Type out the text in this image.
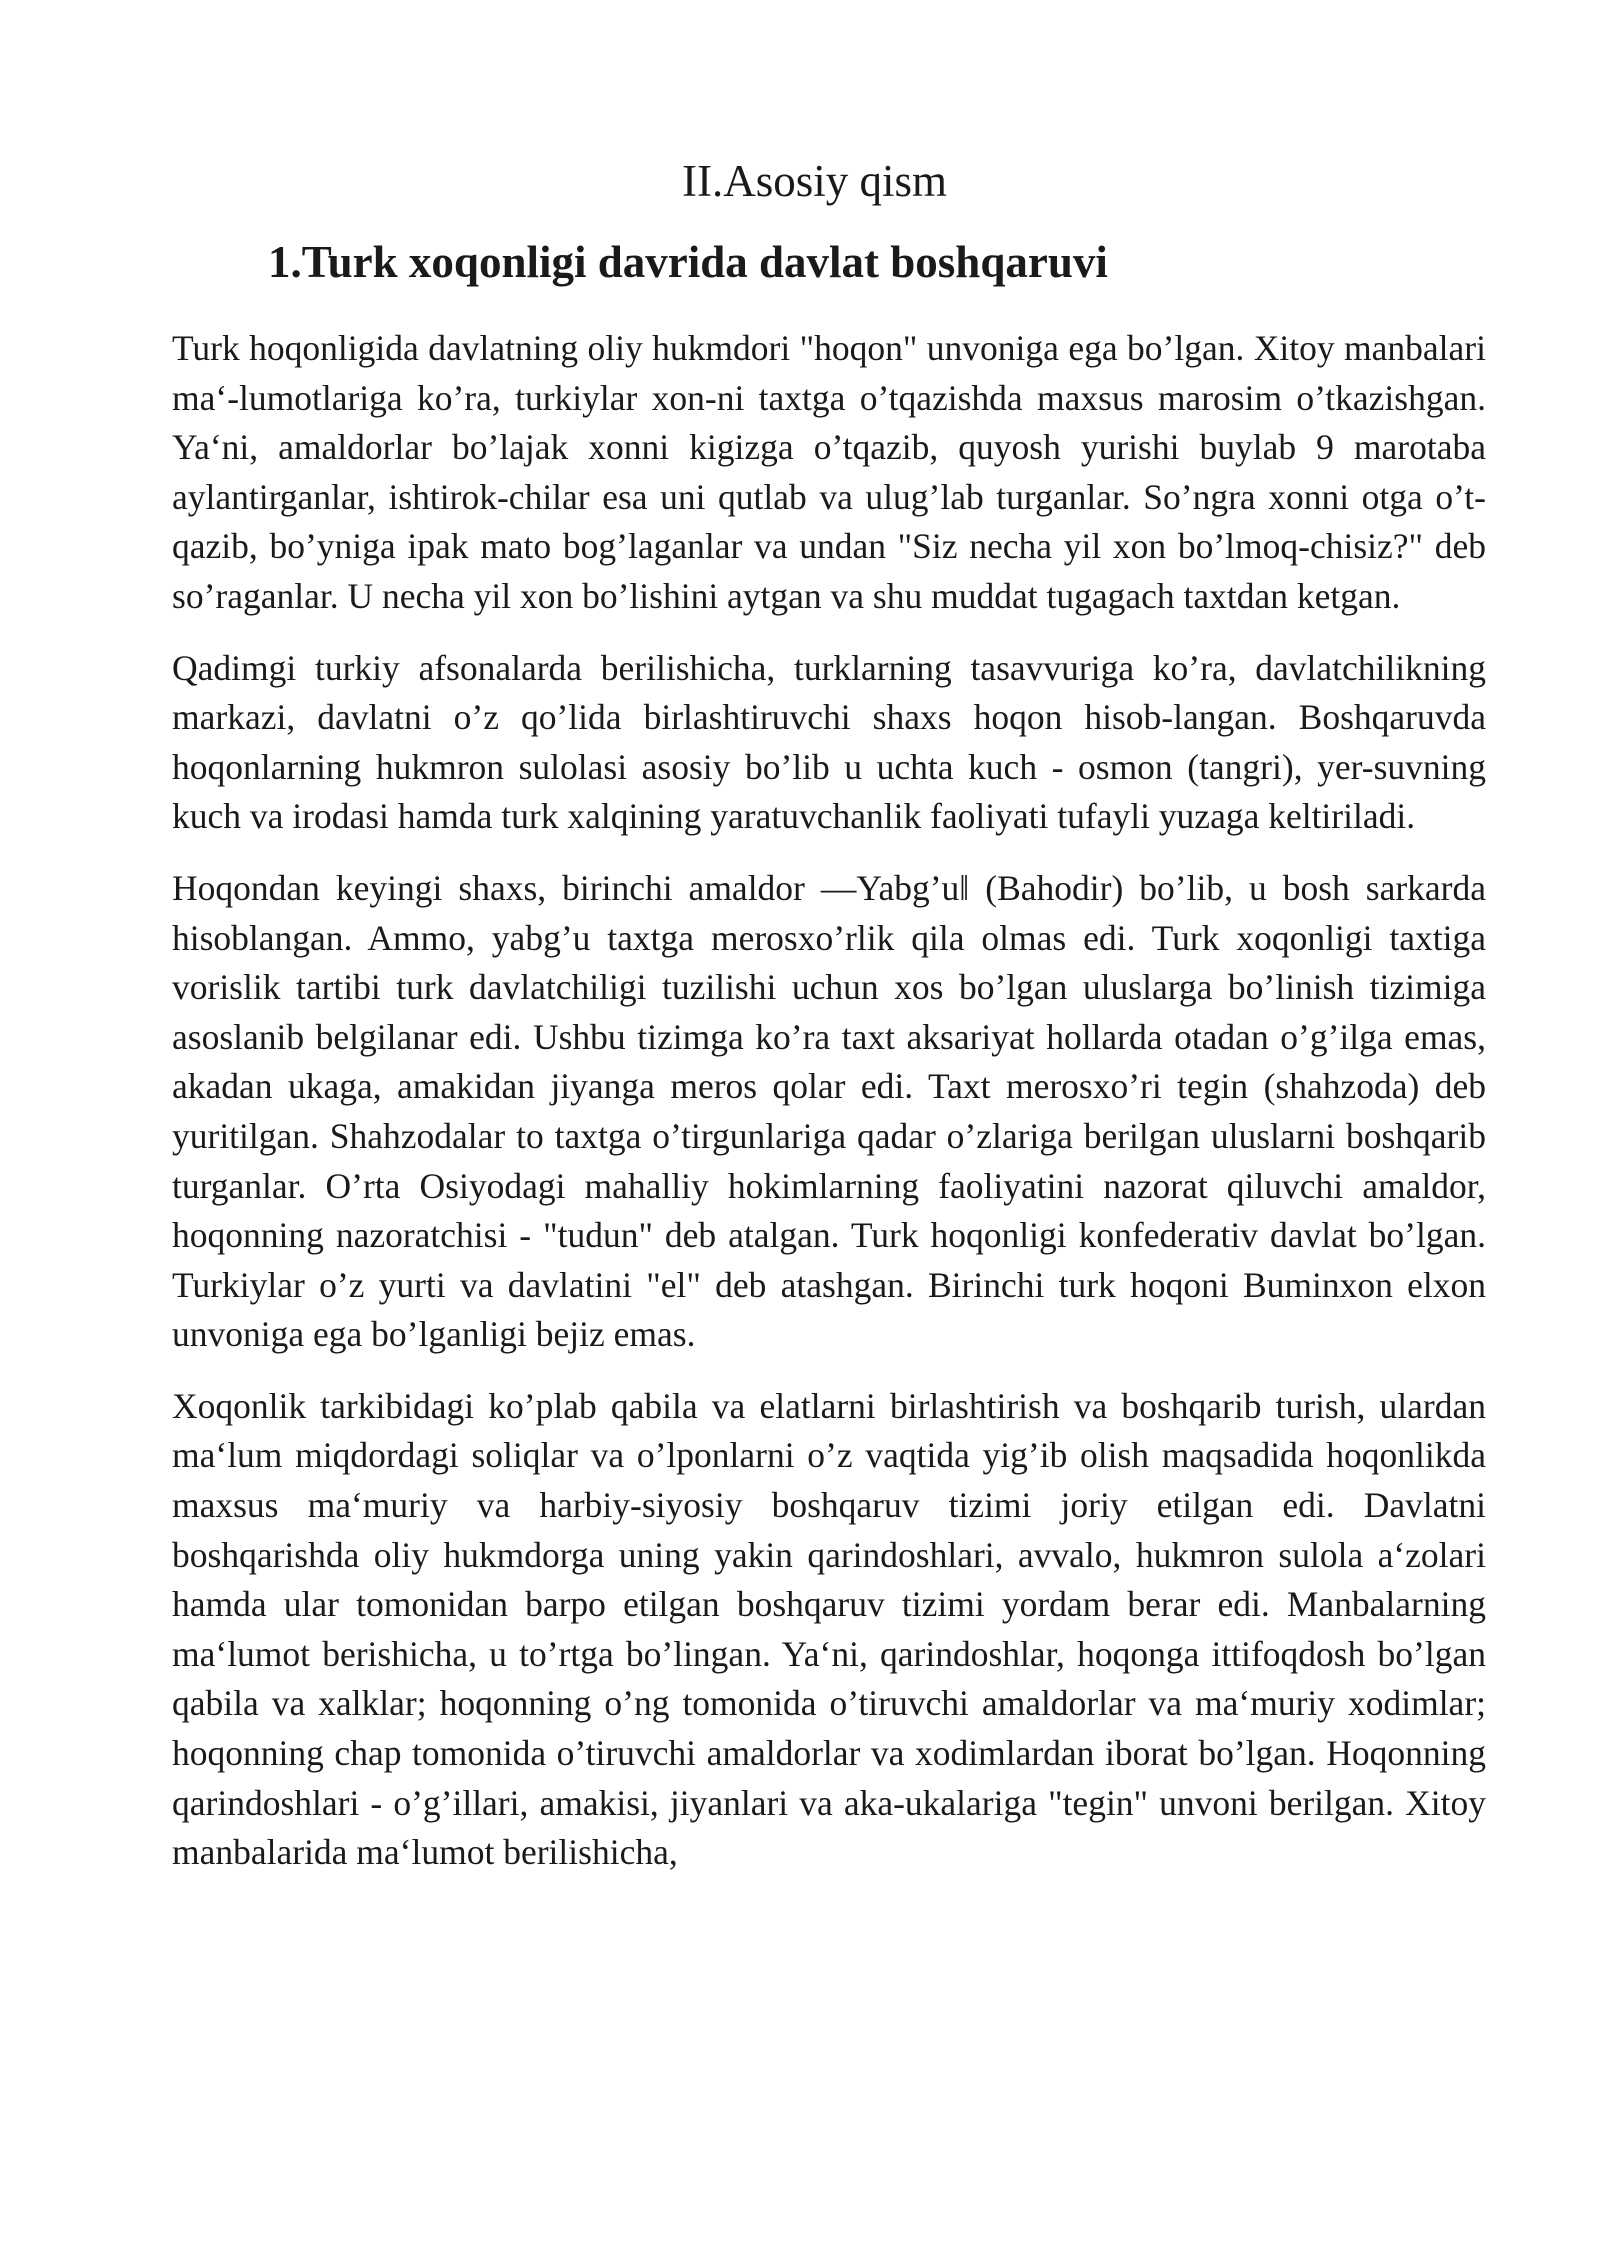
II.Asosiy qism
1.Turk xoqonligi davrida davlat boshqaruvi

Turk hoqonligida davlatning oliy hukmdori "hoqon" unvoniga ega bo’lgan. Xitoy manbalari ma‘-lumotlariga ko’ra, turkiylar xon-ni taxtga o’tqazishda maxsus marosim o’tkazishgan. Ya‘ni, amaldorlar bo’lajak xonni kigizga o’tqazib, quyosh yurishi buylab 9 marotaba aylantirganlar, ishtirok-chilar esa uni qutlab va ulug’lab turganlar. So’ngra xonni otga o’t-qazib, bo’yniga ipak mato bog’laganlar va undan "Siz necha yil xon bo’lmoq-chisiz?" deb so’raganlar. U necha yil xon bo’lishini aytgan va shu muddat tugagach taxtdan ketgan.

Qadimgi turkiy afsonalarda berilishicha, turklarning tasavvuriga ko’ra, davlatchilikning markazi, davlatni o’z qo’lida birlashtiruvchi shaxs hoqon hisob-langan. Boshqaruvda hoqonlarning hukmron sulolasi asosiy bo’lib u uchta kuch - osmon (tangri), yer-suvning kuch va irodasi hamda turk xalqining yaratuvchanlik faoliyati tufayli yuzaga keltiriladi.

Hoqondan keyingi shaxs, birinchi amaldor ―Yabg’u‖ (Bahodir) bo’lib, u bosh sarkarda hisoblangan. Ammo, yabg’u taxtga merosxo’rlik qila olmas edi. Turk xoqonligi taxtiga vorislik tartibi turk davlatchiligi tuzilishi uchun xos bo’lgan uluslarga bo’linish tizimiga asoslanib belgilanar edi. Ushbu tizimga ko’ra taxt aksariyat hollarda otadan o’g’ilga emas, akadan ukaga, amakidan jiyanga meros qolar edi. Taxt merosxo’ri tegin (shahzoda) deb yuritilgan. Shahzodalar to taxtga o’tirgunlariga qadar o’zlariga berilgan uluslarni boshqarib turganlar. O’rta Osiyodagi mahalliy hokimlarning faoliyatini nazorat qiluvchi amaldor, hoqonning nazoratchisi - "tudun" deb atalgan. Turk hoqonligi konfederativ davlat bo’lgan. Turkiylar o’z yurti va davlatini "el" deb atashgan. Birinchi turk hoqoni Buminxon elxon unvoniga ega bo’lganligi bejiz emas.

Xoqonlik tarkibidagi ko’plab qabila va elatlarni birlashtirish va boshqarib turish, ulardan ma‘lum miqdordagi soliqlar va o’lponlarni o’z vaqtida yig’ib olish maqsadida hoqonlikda maxsus ma‘muriy va harbiy-siyosiy boshqaruv tizimi joriy etilgan edi. Davlatni boshqarishda oliy hukmdorga uning yakin qarindoshlari, avvalo, hukmron sulola a‘zolari hamda ular tomonidan barpo etilgan boshqaruv tizimi yordam berar edi. Manbalarning ma‘lumot berishicha, u to’rtga bo’lingan. Ya‘ni, qarindoshlar, hoqonga ittifoqdosh bo’lgan qabila va xalklar; hoqonning o’ng tomonida o’tiruvchi amaldorlar va ma‘muriy xodimlar; hoqonning chap tomonida o’tiruvchi amaldorlar va xodimlardan iborat bo’lgan. Hoqonning qarindoshlari - o’g’illari, amakisi, jiyanlari va aka-ukalariga "tegin" unvoni berilgan. Xitoy manbalarida ma‘lumot berilishicha,
